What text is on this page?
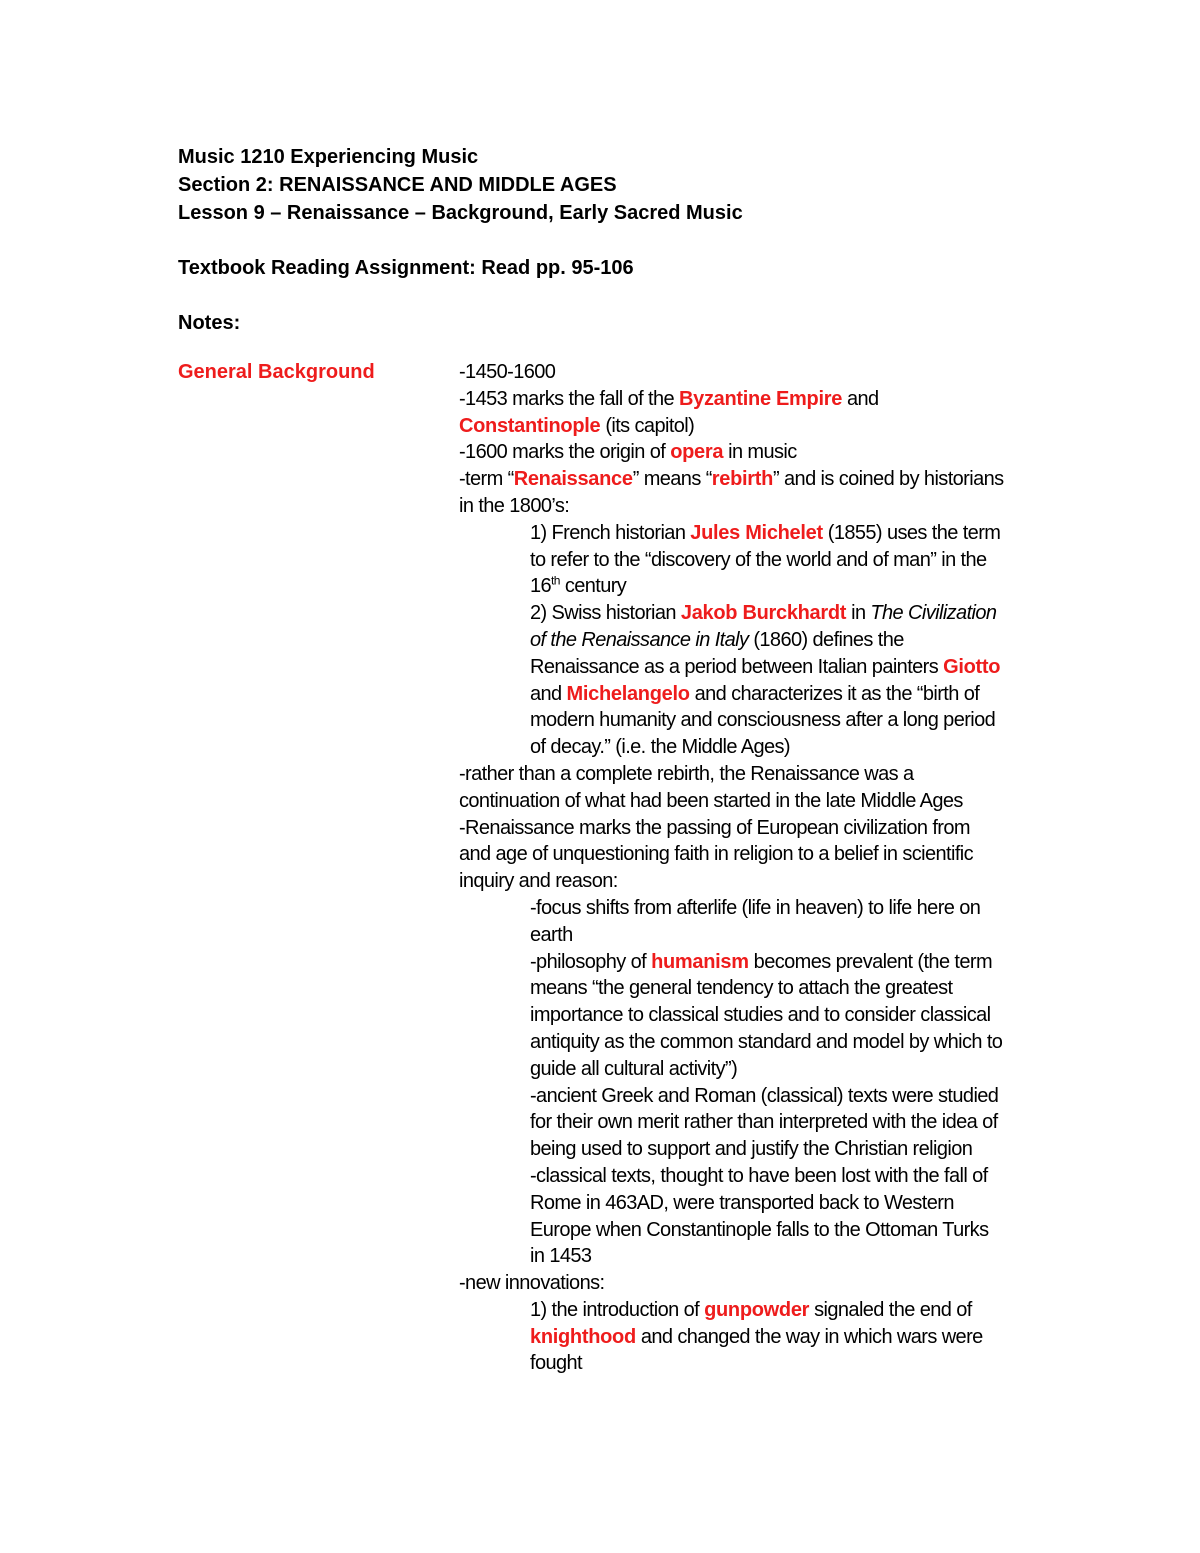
Music 1210 Experiencing Music
Section 2: RENAISSANCE AND MIDDLE AGES
Lesson 9 – Renaissance – Background, Early Sacred Music
Textbook Reading Assignment: Read pp. 95-106
Notes:
General Background	-1450-1600
-1453 marks the fall of the Byzantine Empire and
Constantinople (its capitol)
-1600 marks the origin of opera in music
-term “Renaissance” means “rebirth” and is coined by historians
in the 1800’s:
1) French historian Jules Michelet (1855) uses the term
to refer to the “discovery of the world and of man” in the
16th century
2) Swiss historian Jakob Burckhardt in The Civilization
of the Renaissance in Italy (1860) defines the
Renaissance as a period between Italian painters Giotto
and Michelangelo and characterizes it as the “birth of
modern humanity and consciousness after a long period
of decay.” (i.e. the Middle Ages)
-rather than a complete rebirth, the Renaissance was a
continuation of what had been started in the late Middle Ages
-Renaissance marks the passing of European civilization from
and age of unquestioning faith in religion to a belief in scientific
inquiry and reason:
-focus shifts from afterlife (life in heaven) to life here on
earth
-philosophy of humanism becomes prevalent (the term
means “the general tendency to attach the greatest
importance to classical studies and to consider classical
antiquity as the common standard and model by which to
guide all cultural activity”)
-ancient Greek and Roman (classical) texts were studied
for their own merit rather than interpreted with the idea of
being used to support and justify the Christian religion
-classical texts, thought to have been lost with the fall of
Rome in 463AD, were transported back to Western
Europe when Constantinople falls to the Ottoman Turks
in 1453
-new innovations:
1) the introduction of gunpowder signaled the end of
knighthood and changed the way in which wars were
fought
